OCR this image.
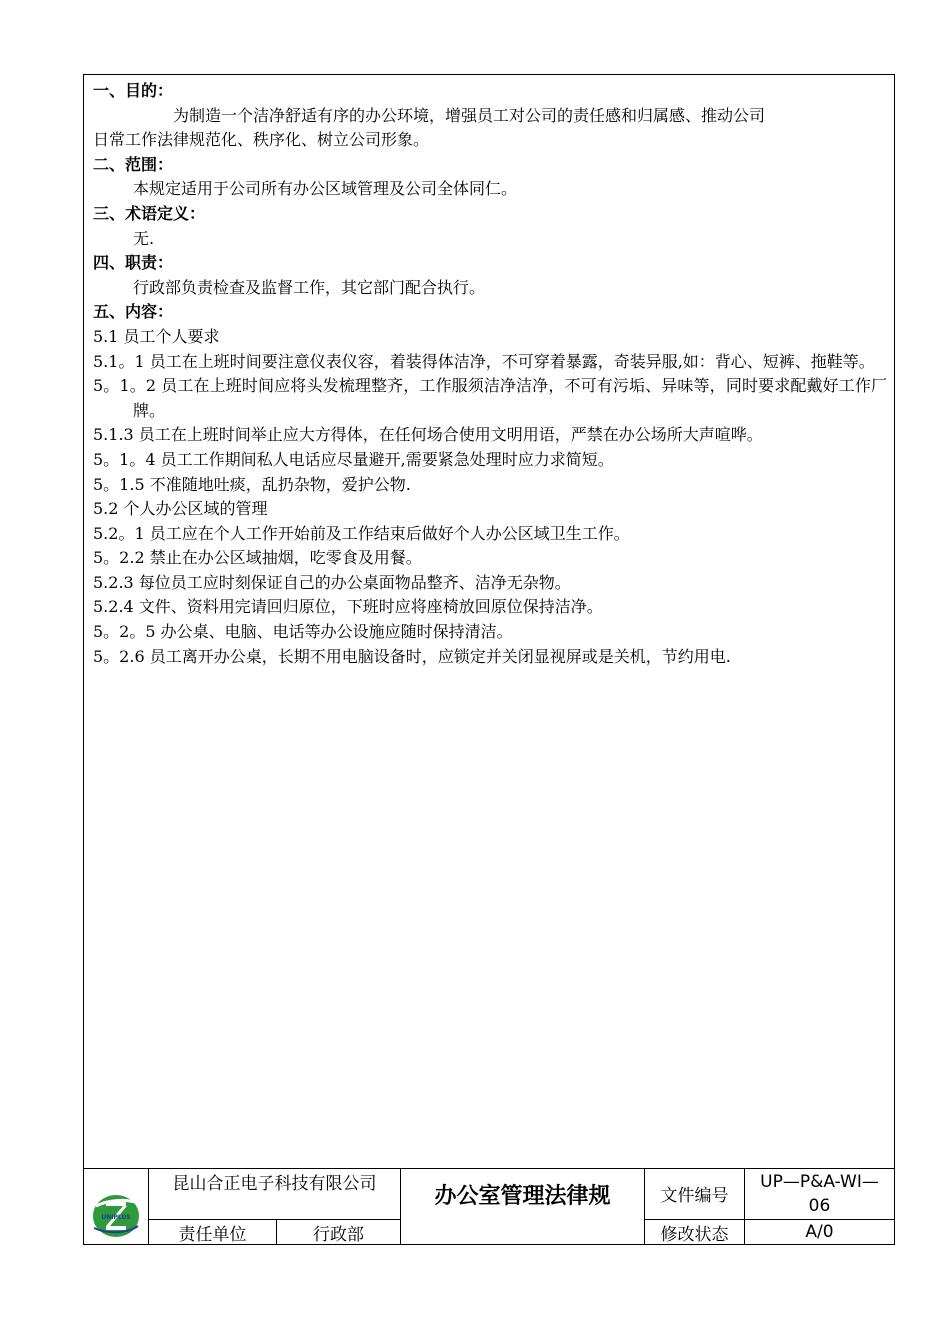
一、目的：

为制造一个洁净舒适有序的办公环境，增强员工对公司的责任感和归属感、推动公司

日常工作法律规范化、秩序化、树立公司形象。

二、范围：

本规定适用于公司所有办公区域管理及公司全体同仁。

三、术语定义：

无.

四、职责：

行政部负责检查及监督工作，其它部门配合执行。

五、内容：

5.1 员工个人要求

5.1。1 员工在上班时间要注意仪表仪容，着装得体洁净，不可穿着暴露，奇装异服,如：背心、短裤、拖鞋等。

5。1。2 员工在上班时间应将头发梳理整齐，工作服须洁净洁净，不可有污垢、异味等，同时要求配戴好工作厂牌。

5.1.3 员工在上班时间举止应大方得体，在任何场合使用文明用语，严禁在办公场所大声喧哗。

5。1。4 员工工作期间私人电话应尽量避开,需要紧急处理时应力求简短。

5。1.5 不准随地吐痰，乱扔杂物，爱护公物.

5.2 个人办公区域的管理

5.2。1 员工应在个人工作开始前及工作结束后做好个人办公区域卫生工作。

5。2.2 禁止在办公区域抽烟，吃零食及用餐。

5.2.3 每位员工应时刻保证自己的办公桌面物品整齐、洁净无杂物。

5.2.4 文件、资料用完请回归原位，下班时应将座椅放回原位保持洁净。

5。2。5 办公桌、电脑、电话等办公设施应随时保持清洁。

5。2.6 员工离开办公桌，长期不用电脑设备时，应锁定并关闭显视屏或是关机，节约用电.

UNIPLUS
昆山合正电子科技有限公司
责任单位	行政部
办公室管理法律规	文件编号
UP—P&A-WI—06
修改状态	A/0
